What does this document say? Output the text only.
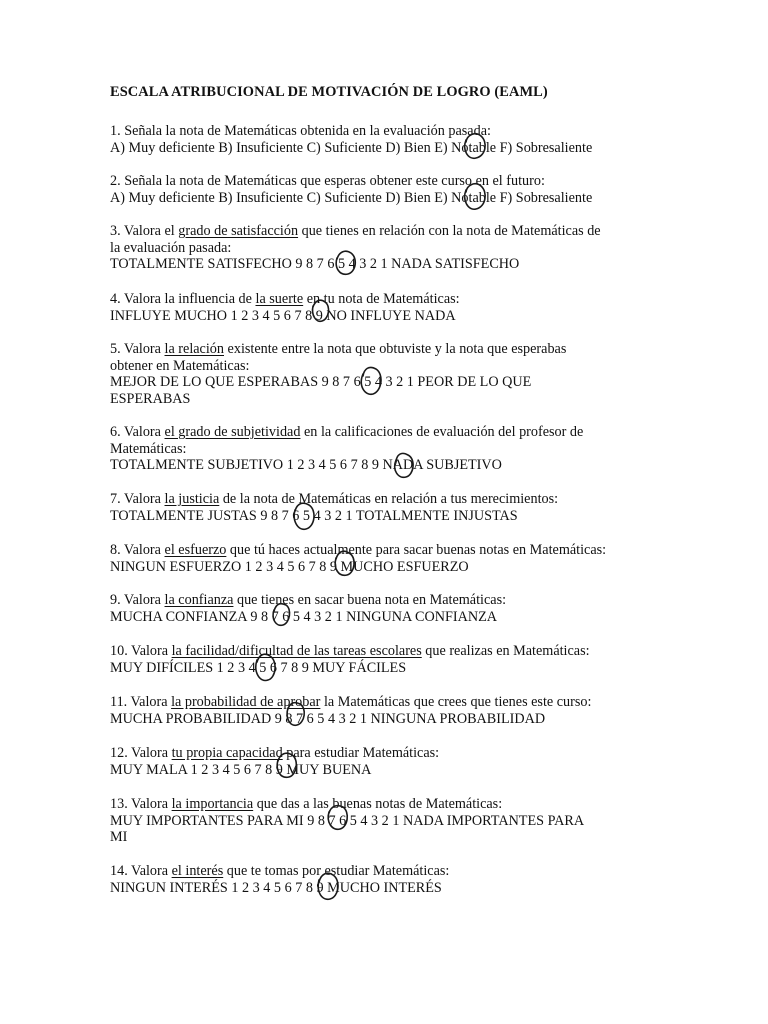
ESCALA ATRIBUCIONAL DE MOTIVACIÓN DE LOGRO (EAML)
1. Señala la nota de Matemáticas obtenida en la evaluación pasada:
A) Muy deficiente B) Insuficiente C) Suficiente D) Bien E) Notable F) Sobresaliente
2. Señala la nota de Matemáticas que esperas obtener este curso en el futuro:
A) Muy deficiente B) Insuficiente C) Suficiente D) Bien E) Notable F) Sobresaliente
3. Valora el grado de satisfacción que tienes en relación con la nota de Matemáticas de
la evaluación pasada:
TOTALMENTE SATISFECHO 9 8 7 6 5 4 3 2 1 NADA SATISFECHO
4. Valora la influencia de la suerte en tu nota de Matemáticas:
INFLUYE MUCHO 1 2 3 4 5 6 7 8 9 NO INFLUYE NADA
5. Valora la relación existente entre la nota que obtuviste y la nota que esperabas
obtener en Matemáticas:
MEJOR DE LO QUE ESPERABAS 9 8 7 6 5 4 3 2 1 PEOR DE LO QUE
ESPERABAS
6. Valora el grado de subjetividad en la calificaciones de evaluación del profesor de
Matemáticas:
TOTALMENTE SUBJETIVO 1 2 3 4 5 6 7 8 9 NADA SUBJETIVO
7. Valora la justicia de la nota de Matemáticas en relación a tus merecimientos:
TOTALMENTE JUSTAS 9 8 7 6 5 4 3 2 1 TOTALMENTE INJUSTAS
8. Valora el esfuerzo que tú haces actualmente para sacar buenas notas en Matemáticas:
NINGUN ESFUERZO 1 2 3 4 5 6 7 8 9 MUCHO ESFUERZO
9. Valora la confianza que tienes en sacar buena nota en Matemáticas:
MUCHA CONFIANZA 9 8 7 6 5 4 3 2 1 NINGUNA CONFIANZA
10. Valora la facilidad/dificultad de las tareas escolares que realizas en Matemáticas:
MUY DIFÍCILES 1 2 3 4 5 6 7 8 9 MUY FÁCILES
11. Valora la probabilidad de aprobar la Matemáticas que crees que tienes este curso:
MUCHA PROBABILIDAD 9 8 7 6 5 4 3 2 1 NINGUNA PROBABILIDAD
12. Valora tu propia capacidad para estudiar Matemáticas:
MUY MALA 1 2 3 4 5 6 7 8 9 MUY BUENA
13. Valora la importancia que das a las buenas notas de Matemáticas:
MUY IMPORTANTES PARA MI 9 8 7 6 5 4 3 2 1 NADA IMPORTANTES PARA
MI
14. Valora el interés que te tomas por estudiar Matemáticas:
NINGUN INTERÉS 1 2 3 4 5 6 7 8 9 MUCHO INTERÉS
